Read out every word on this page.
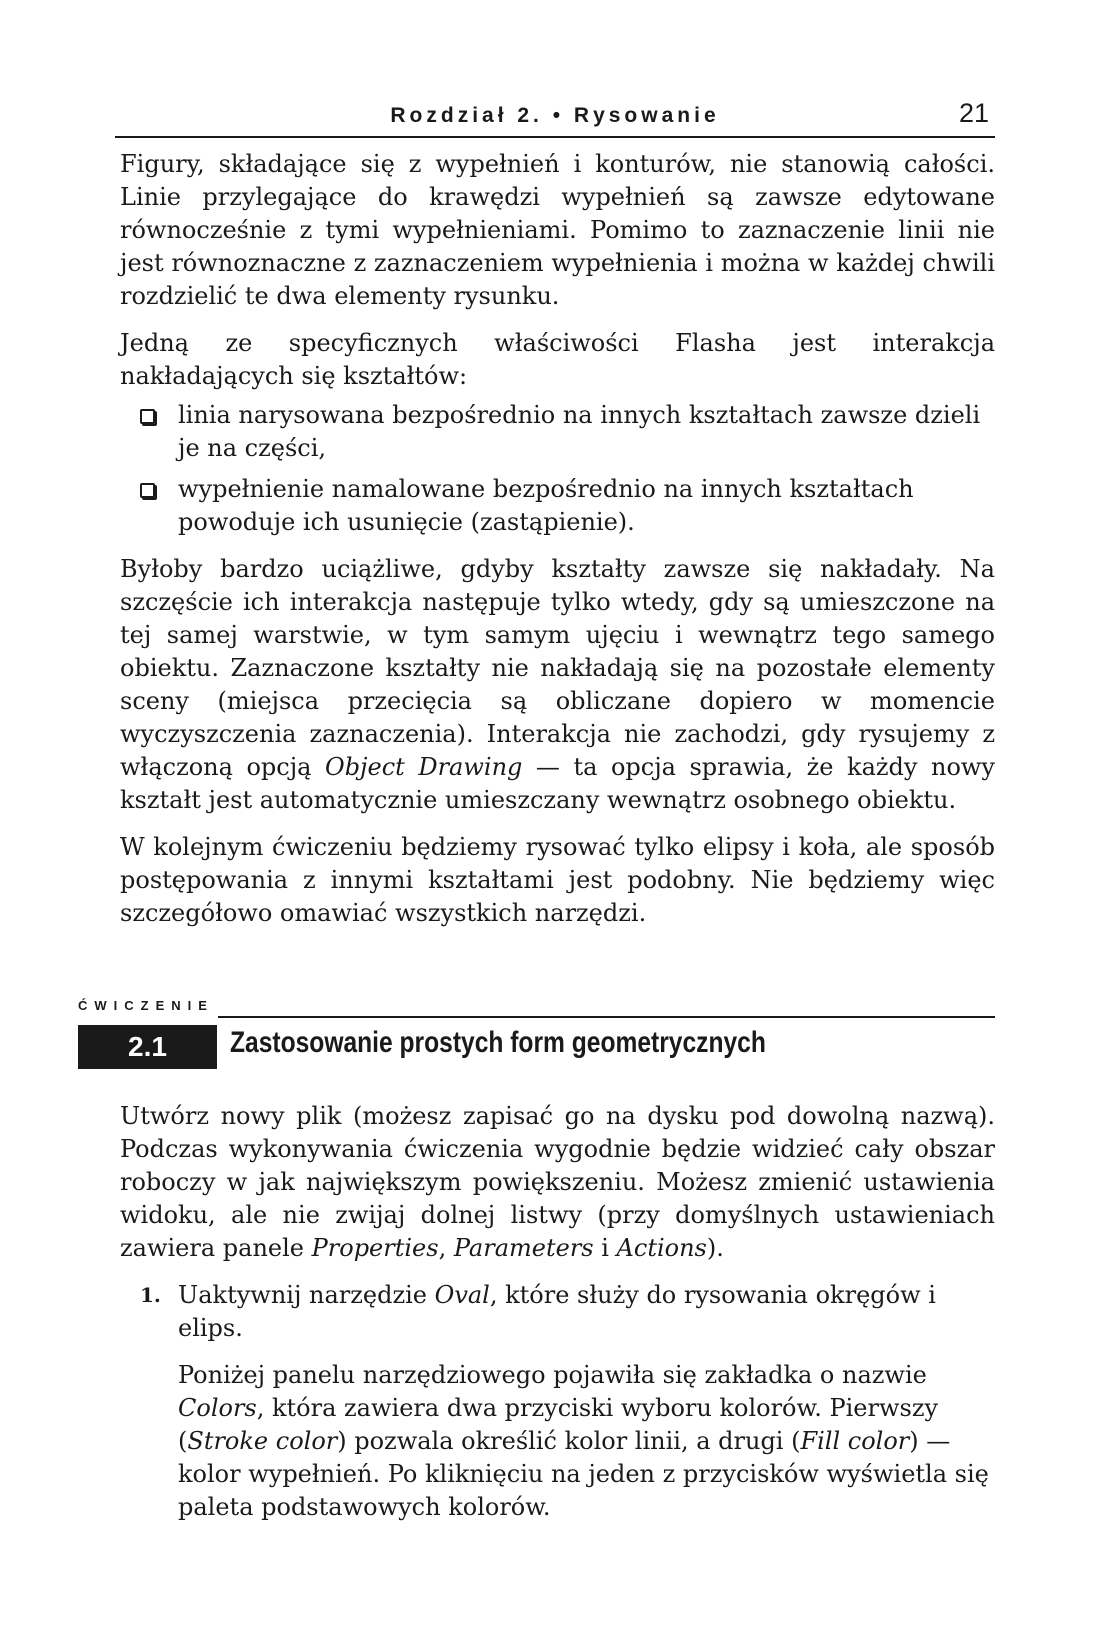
Rozdział 2. • Rysowanie	21

Figury, składające się z wypełnień i konturów, nie stanowią całości. Linie przylegające do krawędzi wypełnień są zawsze edytowane równocześnie z tymi wypełnieniami. Pomimo to zaznaczenie linii nie jest równoznaczne z zaznaczeniem wypełnienia i można w każdej chwili rozdzielić te dwa elementy rysunku.

Jedną ze specyficznych właściwości Flasha jest interakcja nakładających się kształtów:

linia narysowana bezpośrednio na innych kształtach zawsze dzieli je na części,
wypełnienie namalowane bezpośrednio na innych kształtach powoduje ich usunięcie (zastąpienie).

Byłoby bardzo uciążliwe, gdyby kształty zawsze się nakładały. Na szczęście ich interakcja następuje tylko wtedy, gdy są umieszczone na tej samej warstwie, w tym samym ujęciu i wewnątrz tego samego obiektu. Zaznaczone kształty nie nakładają się na pozostałe elementy sceny (miejsca przecięcia są obliczane dopiero w momencie wyczyszczenia zaznaczenia). Interakcja nie zachodzi, gdy rysujemy z włączoną opcją Object Drawing — ta opcja sprawia, że każdy nowy kształt jest automatycznie umieszczany wewnątrz osobnego obiektu.

W kolejnym ćwiczeniu będziemy rysować tylko elipsy i koła, ale sposób postępowania z innymi kształtami jest podobny. Nie będziemy więc szczegółowo omawiać wszystkich narzędzi.

ĆWICZENIE
2.1	Zastosowanie prostych form geometrycznych

Utwórz nowy plik (możesz zapisać go na dysku pod dowolną nazwą). Podczas wykonywania ćwiczenia wygodnie będzie widzieć cały obszar roboczy w jak największym powiększeniu. Możesz zmienić ustawienia widoku, ale nie zwijaj dolnej listwy (przy domyślnych ustawieniach zawiera panele Properties, Parameters i Actions).

1. Uaktywnij narzędzie Oval, które służy do rysowania okręgów i elips.

Poniżej panelu narzędziowego pojawiła się zakładka o nazwie Colors, która zawiera dwa przyciski wyboru kolorów. Pierwszy (Stroke color) pozwala określić kolor linii, a drugi (Fill color) — kolor wypełnień. Po kliknięciu na jeden z przycisków wyświetla się paleta podstawowych kolorów.
